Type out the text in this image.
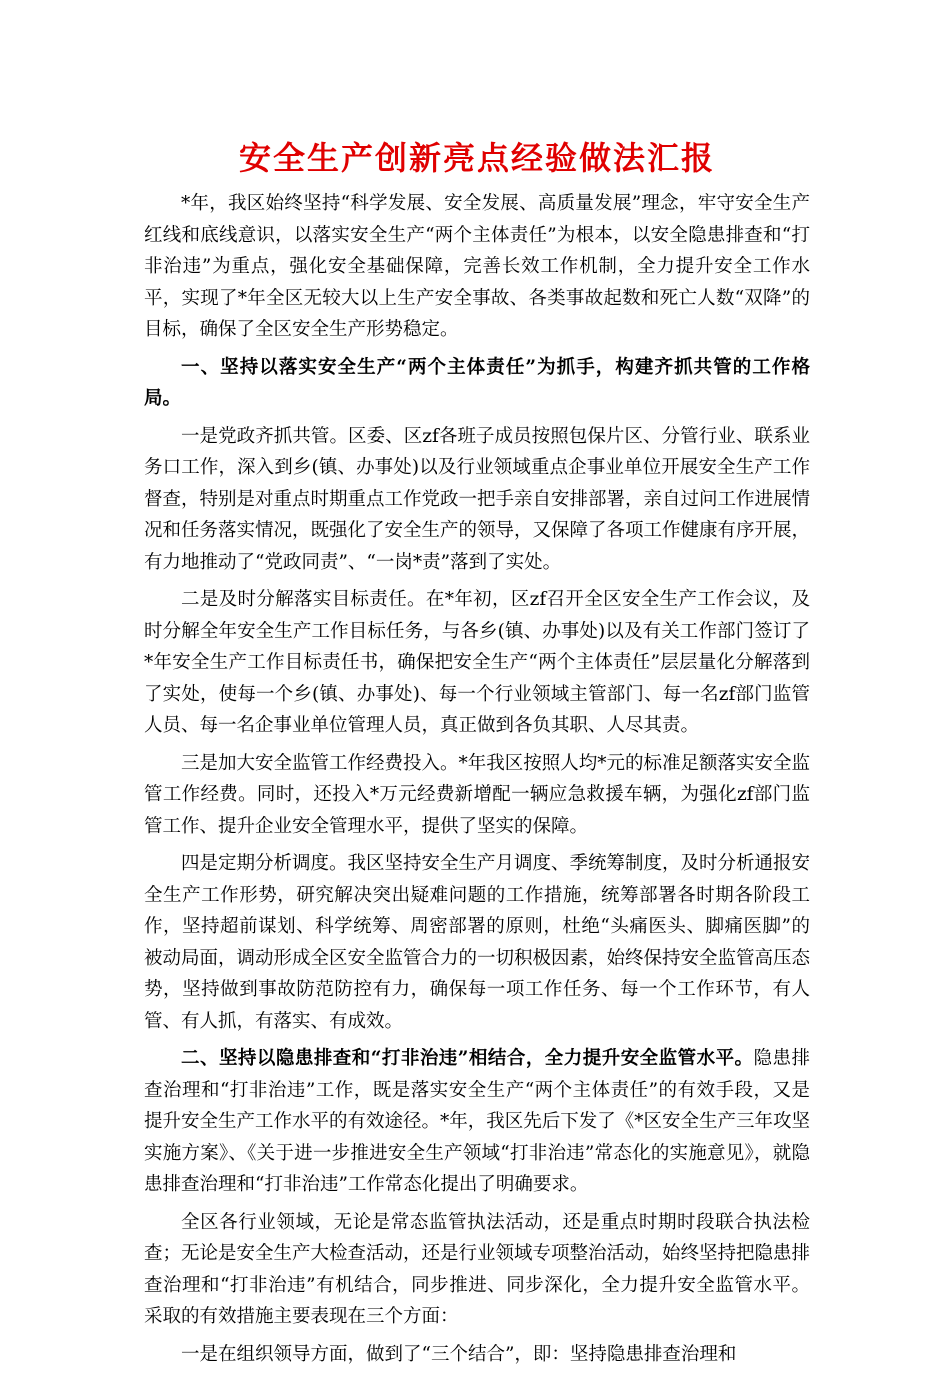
安全生产创新亮点经验做法汇报

*年，我区始终坚持“科学发展、安全发展、高质量发展”理念，牢守安全生产红线和底线意识，以落实安全生产“两个主体责任”为根本，以安全隐患排查和“打非治违”为重点，强化安全基础保障，完善长效工作机制，全力提升安全工作水平，实现了*年全区无较大以上生产安全事故、各类事故起数和死亡人数“双降”的目标，确保了全区安全生产形势稳定。

一、坚持以落实安全生产“两个主体责任”为抓手，构建齐抓共管的工作格局。

一是党政齐抓共管。区委、区zf各班子成员按照包保片区、分管行业、联系业务口工作，深入到乡(镇、办事处)以及行业领域重点企事业单位开展安全生产工作督查，特别是对重点时期重点工作党政一把手亲自安排部署，亲自过问工作进展情况和任务落实情况，既强化了安全生产的领导，又保障了各项工作健康有序开展，有力地推动了“党政同责”、“一岗*责”落到了实处。

二是及时分解落实目标责任。在*年初，区zf召开全区安全生产工作会议，及时分解全年安全生产工作目标任务，与各乡(镇、办事处)以及有关工作部门签订了*年安全生产工作目标责任书，确保把安全生产“两个主体责任”层层量化分解落到了实处，使每一个乡(镇、办事处)、每一个行业领域主管部门、每一名zf部门监管人员、每一名企事业单位管理人员，真正做到各负其职、人尽其责。

三是加大安全监管工作经费投入。*年我区按照人均*元的标准足额落实安全监管工作经费。同时，还投入*万元经费新增配一辆应急救援车辆，为强化zf部门监管工作、提升企业安全管理水平，提供了坚实的保障。

四是定期分析调度。我区坚持安全生产月调度、季统筹制度，及时分析通报安全生产工作形势，研究解决突出疑难问题的工作措施，统筹部署各时期各阶段工作，坚持超前谋划、科学统筹、周密部署的原则，杜绝“头痛医头、脚痛医脚”的被动局面，调动形成全区安全监管合力的一切积极因素，始终保持安全监管高压态势，坚持做到事故防范防控有力，确保每一项工作任务、每一个工作环节，有人管、有人抓，有落实、有成效。

二、坚持以隐患排查和“打非治违”相结合，全力提升安全监管水平。隐患排查治理和“打非治违”工作，既是落实安全生产“两个主体责任”的有效手段，又是提升安全生产工作水平的有效途径。*年，我区先后下发了《*区安全生产三年攻坚实施方案》、《关于进一步推进安全生产领域“打非治违”常态化的实施意见》，就隐患排查治理和“打非治违”工作常态化提出了明确要求。

全区各行业领域，无论是常态监管执法活动，还是重点时期时段联合执法检查；无论是安全生产大检查活动，还是行业领域专项整治活动，始终坚持把隐患排查治理和“打非治违”有机结合，同步推进、同步深化，全力提升安全监管水平。采取的有效措施主要表现在三个方面：

一是在组织领导方面，做到了“三个结合”，即：坚持隐患排查治理和
